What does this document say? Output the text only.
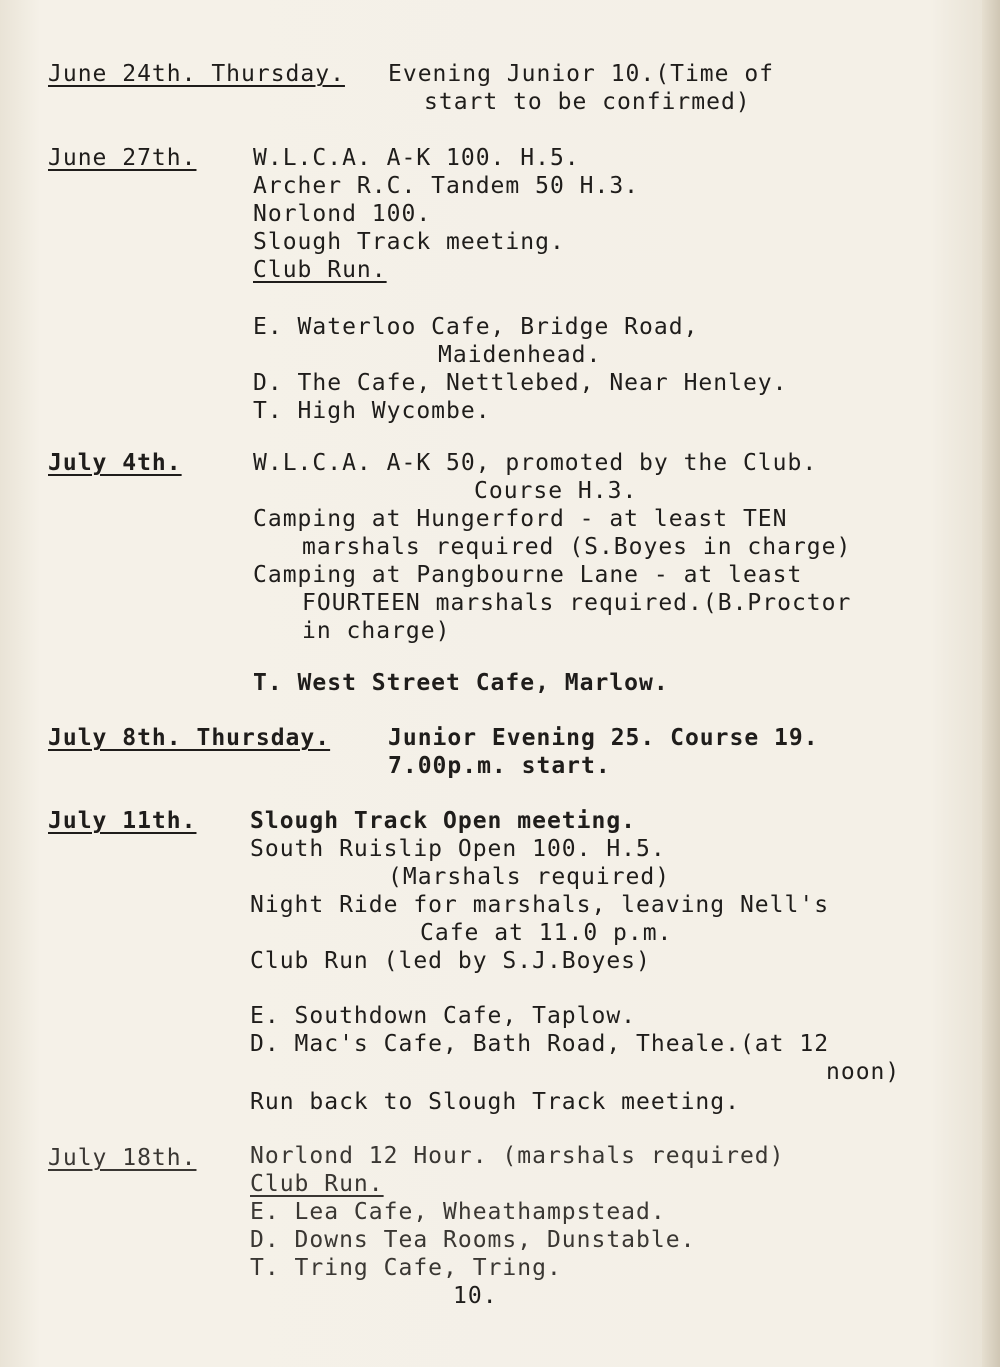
June 24th. Thursday. Evening Junior 10.(Time of
start to be confirmed)
June 27th. W.L.C.A. A-K 100. H.5.
Archer R.C. Tandem 50 H.3.
Norlond 100.
Slough Track meeting.
Club Run.
E. Waterloo Cafe, Bridge Road,
Maidenhead.
D. The Cafe, Nettlebed, Near Henley.
T. High Wycombe.
July 4th.	W.L.C.A. A-K 50, promoted by the Club.
Course H.3.
Camping at Hungerford - at least TEN
marshals required (S.Boyes in charge)
Camping at Pangbourne Lane - at least
FOURTEEN marshals required.(B.Proctor
in charge)
T. West Street Cafe, Marlow.
July 8th. Thursday.	Junior Evening 25. Course 19.
7.00p.m. start.
July 11th. Slough Track Open meeting.
South Ruislip Open 100. H.5.
(Marshals required)
Night Ride for marshals, leaving Nell's
Cafe at 11.0 p.m.
Club Run (led by S.J.Boyes)
E. Southdown Cafe, Taplow.
D. Mac's Cafe, Bath Road, Theale.(at 12
noon)
Run back to Slough Track meeting.
July 18th. Norlond 12 Hour. (marshals required)
Club Run.
E. Lea Cafe, Wheathampstead.
D. Downs Tea Rooms, Dunstable.
T. Tring Cafe, Tring.
10.
